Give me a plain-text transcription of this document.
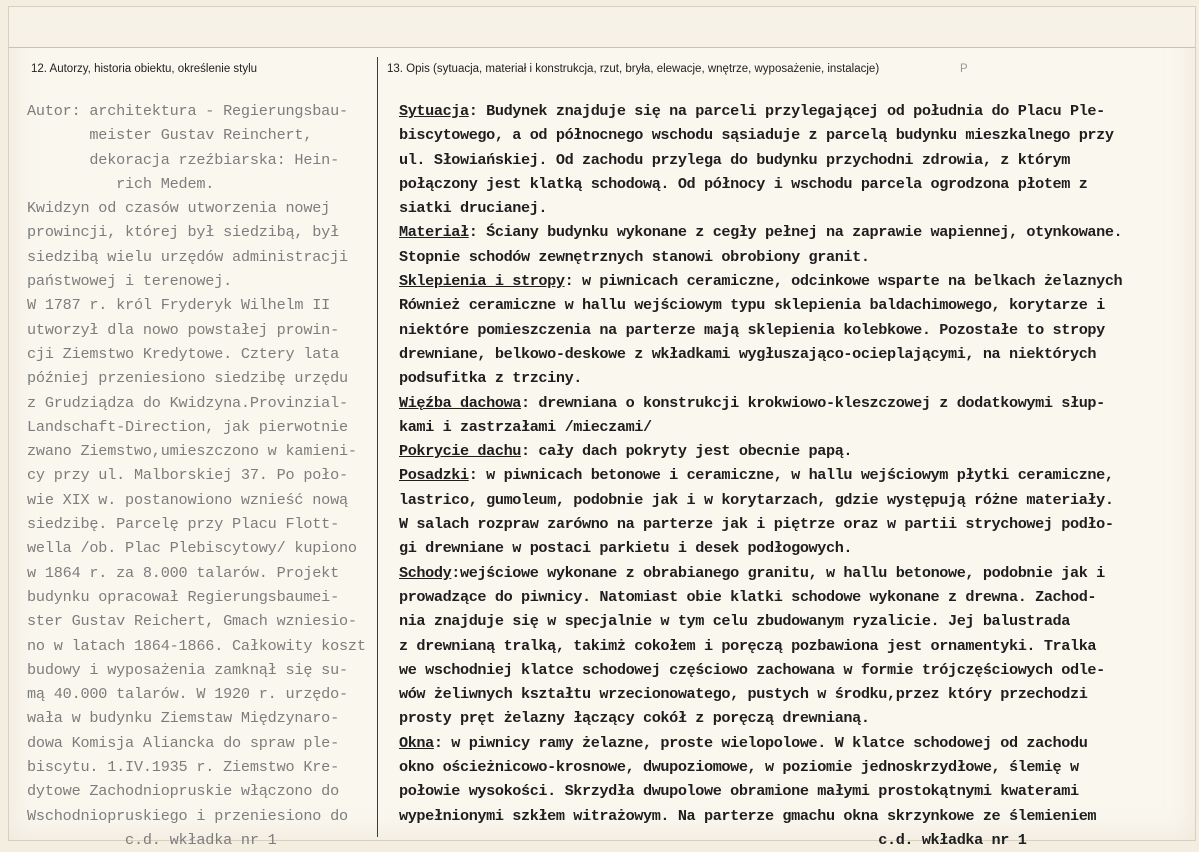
12. Autorzy, historia obiektu, określenie stylu	13. Opis (sytuacja, materiał i konstrukcja, rzut, bryła, elewacje, wnętrze, wyposażenie, instalacje)	P
Autor: architektura - Regierungsbau-
meister Gustav Reinchert,
dekoracja rzeźbiarska: Hein-
rich Medem.
Kwidzyn od czasów utworzenia nowej
prowincji, której był siedzibą, był
siedzibą wielu urzędów administracji
państwowej i terenowej.
W 1787 r. król Fryderyk Wilhelm II
utworzył dla nowo powstałej prowin-
cji Ziemstwo Kredytowe. Cztery lata
później przeniesiono siedzibę urzędu
z Grudziądza do Kwidzyna.Provinzial-
Landschaft-Direction, jak pierwotnie
zwano Ziemstwo,umieszczono w kamieni-
cy przy ul. Malborskiej 37. Po poło-
wie XIX w. postanowiono wznieść nową
siedzibę. Parcelę przy Placu Flott-
wella /ob. Plac Plebiscytowy/ kupiono
w 1864 r. za 8.000 talarów. Projekt
budynku opracował Regierungsbaumei-
ster Gustav Reichert, Gmach wzniesio-
no w latach 1864-1866. Całkowity koszt
budowy i wyposażenia zamknął się su-
mą 40.000 talarów. W 1920 r. urzędo-
wała w budynku Ziemstaw Międzynaro-
dowa Komisja Aliancka do spraw ple-
biscytu. 1.IV.1935 r. Ziemstwo Kre-
dytowe Zachodniopruskie włączono do
Wschodniopruskiego i przeniesiono do
c.d. wkładka nr 1
Sytuacja: Budynek znajduje się na parceli przylegającej od południa do Placu Ple-
biscytowego, a od północnego wschodu sąsiaduje z parcelą budynku mieszkalnego przy
ul. Słowiańskiej. Od zachodu przylega do budynku przychodni zdrowia, z którym
połączony jest klatką schodową. Od północy i wschodu parcela ogrodzona płotem z
siatki drucianej.
Materiał: Ściany budynku wykonane z cegły pełnej na zaprawie wapiennej, otynkowane.
Stopnie schodów zewnętrznych stanowi obrobiony granit.
Sklepienia i stropy: w piwnicach ceramiczne, odcinkowe wsparte na belkach żelaznych
Również ceramiczne w hallu wejściowym typu sklepienia baldachimowego, korytarze i
niektóre pomieszczenia na parterze mają sklepienia kolebkowe. Pozostałe to stropy
drewniane, belkowo-deskowe z wkładkami wygłuszająco-ocieplającymi, na niektórych
podsufitka z trzciny.
Więźba dachowa: drewniana o konstrukcji krokwiowo-kleszczowej z dodatkowymi słup-
kami i zastrzałami /mieczami/
Pokrycie dachu: cały dach pokryty jest obecnie papą.
Posadzki: w piwnicach betonowe i ceramiczne, w hallu wejściowym płytki ceramiczne,
lastrico, gumoleum, podobnie jak i w korytarzach, gdzie występują różne materiały.
W salach rozpraw zarówno na parterze jak i piętrze oraz w partii strychowej podło-
gi drewniane w postaci parkietu i desek podłogowych.
Schody:wejściowe wykonane z obrabianego granitu, w hallu betonowe, podobnie jak i
prowadzące do piwnicy. Natomiast obie klatki schodowe wykonane z drewna. Zachod-
nia znajduje się w specjalnie w tym celu zbudowanym ryzalicie. Jej balustrada
z drewnianą tralką, takimż cokołem i poręczą pozbawiona jest ornamentyki. Tralka
we wschodniej klatce schodowej częściowo zachowana w formie trójczęściowych odle-
wów żeliwnych kształtu wrzecionowatego, pustych w środku,przez który przechodzi
prosty pręt żelazny łączący cokół z poręczą drewnianą.
Okna: w piwnicy ramy żelazne, proste wielopolowe. W klatce schodowej od zachodu
okno ościeżnicowo-krosnowe, dwupoziomowe, w poziomie jednoskrzydłowe, ślemię w
połowie wysokości. Skrzydła dwupolowe obramione małymi prostokątnymi kwaterami
wypełnionymi szkłem witrażowym. Na parterze gmachu okna skrzynkowe ze ślemieniem
c.d. wkładka nr 1
